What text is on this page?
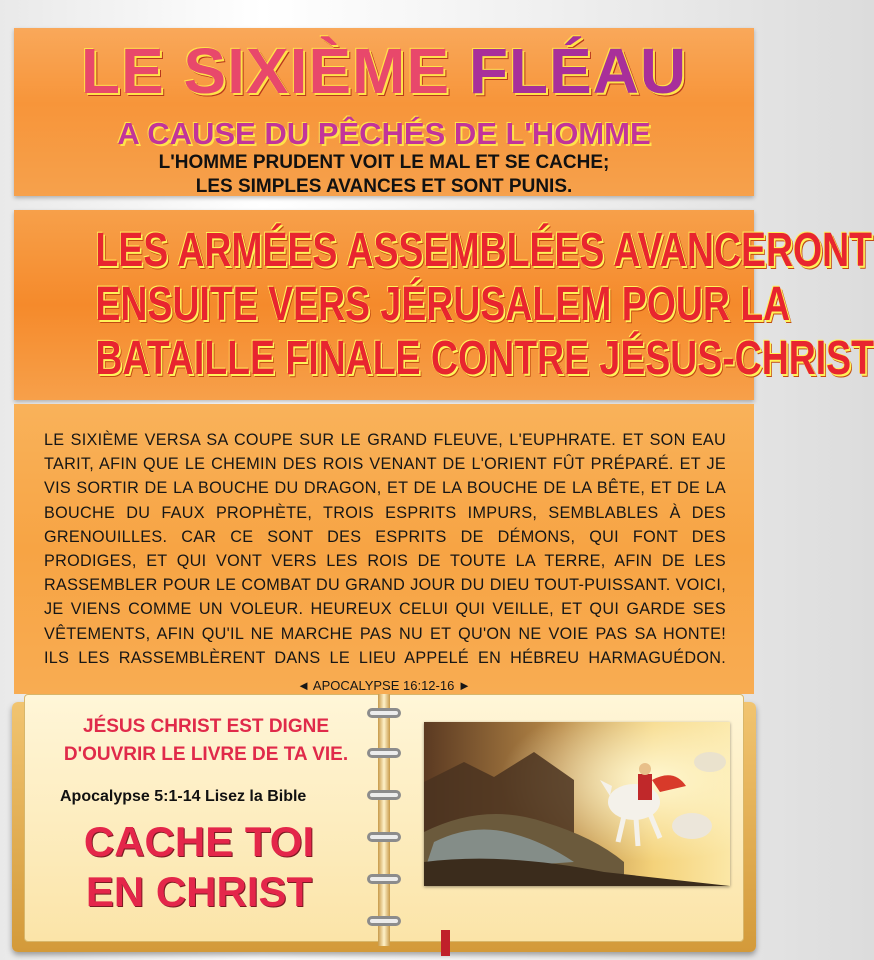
LE SIXIÈME FLÉAU
A CAUSE DU PÊCHÉS DE L'HOMME
L'HOMME PRUDENT VOIT LE MAL ET SE CACHE;
LES SIMPLES AVANCES ET SONT PUNIS.
LES ARMÉES ASSEMBLÉES AVANCERONT
ENSUITE VERS JÉRUSALEM POUR LA
BATAILLE FINALE CONTRE JÉSUS-CHRIST
LE SIXIÈME VERSA SA COUPE SUR LE GRAND FLEUVE, L'EUPHRATE. ET SON EAU TARIT, AFIN QUE LE CHEMIN DES ROIS VENANT DE L'ORIENT FÛT PRÉPARÉ. ET JE VIS SORTIR DE LA BOUCHE DU DRAGON, ET DE LA BOUCHE DE LA BÊTE, ET DE LA BOUCHE DU FAUX PROPHÈTE, TROIS ESPRITS IMPURS, SEMBLABLES À DES GRENOUILLES. CAR CE SONT DES ESPRITS DE DÉMONS, QUI FONT DES PRODIGES, ET QUI VONT VERS LES ROIS DE TOUTE LA TERRE, AFIN DE LES RASSEMBLER POUR LE COMBAT DU GRAND JOUR DU DIEU TOUT-PUISSANT. VOICI, JE VIENS COMME UN VOLEUR. HEUREUX CELUI QUI VEILLE, ET QUI GARDE SES VÊTEMENTS, AFIN QU'IL NE MARCHE PAS NU ET QU'ON NE VOIE PAS SA HONTE! ILS LES RASSEMBLÈRENT DANS LE LIEU APPELÉ EN HÉBREU HARMAGUÉDON.
◄ APOCALYPSE 16:12-16 ►
JÉSUS CHRIST EST DIGNE
D'OUVRIR LE LIVRE DE TA VIE.
Apocalypse 5:1-14 Lisez la Bible
CACHE TOI
EN CHRIST
